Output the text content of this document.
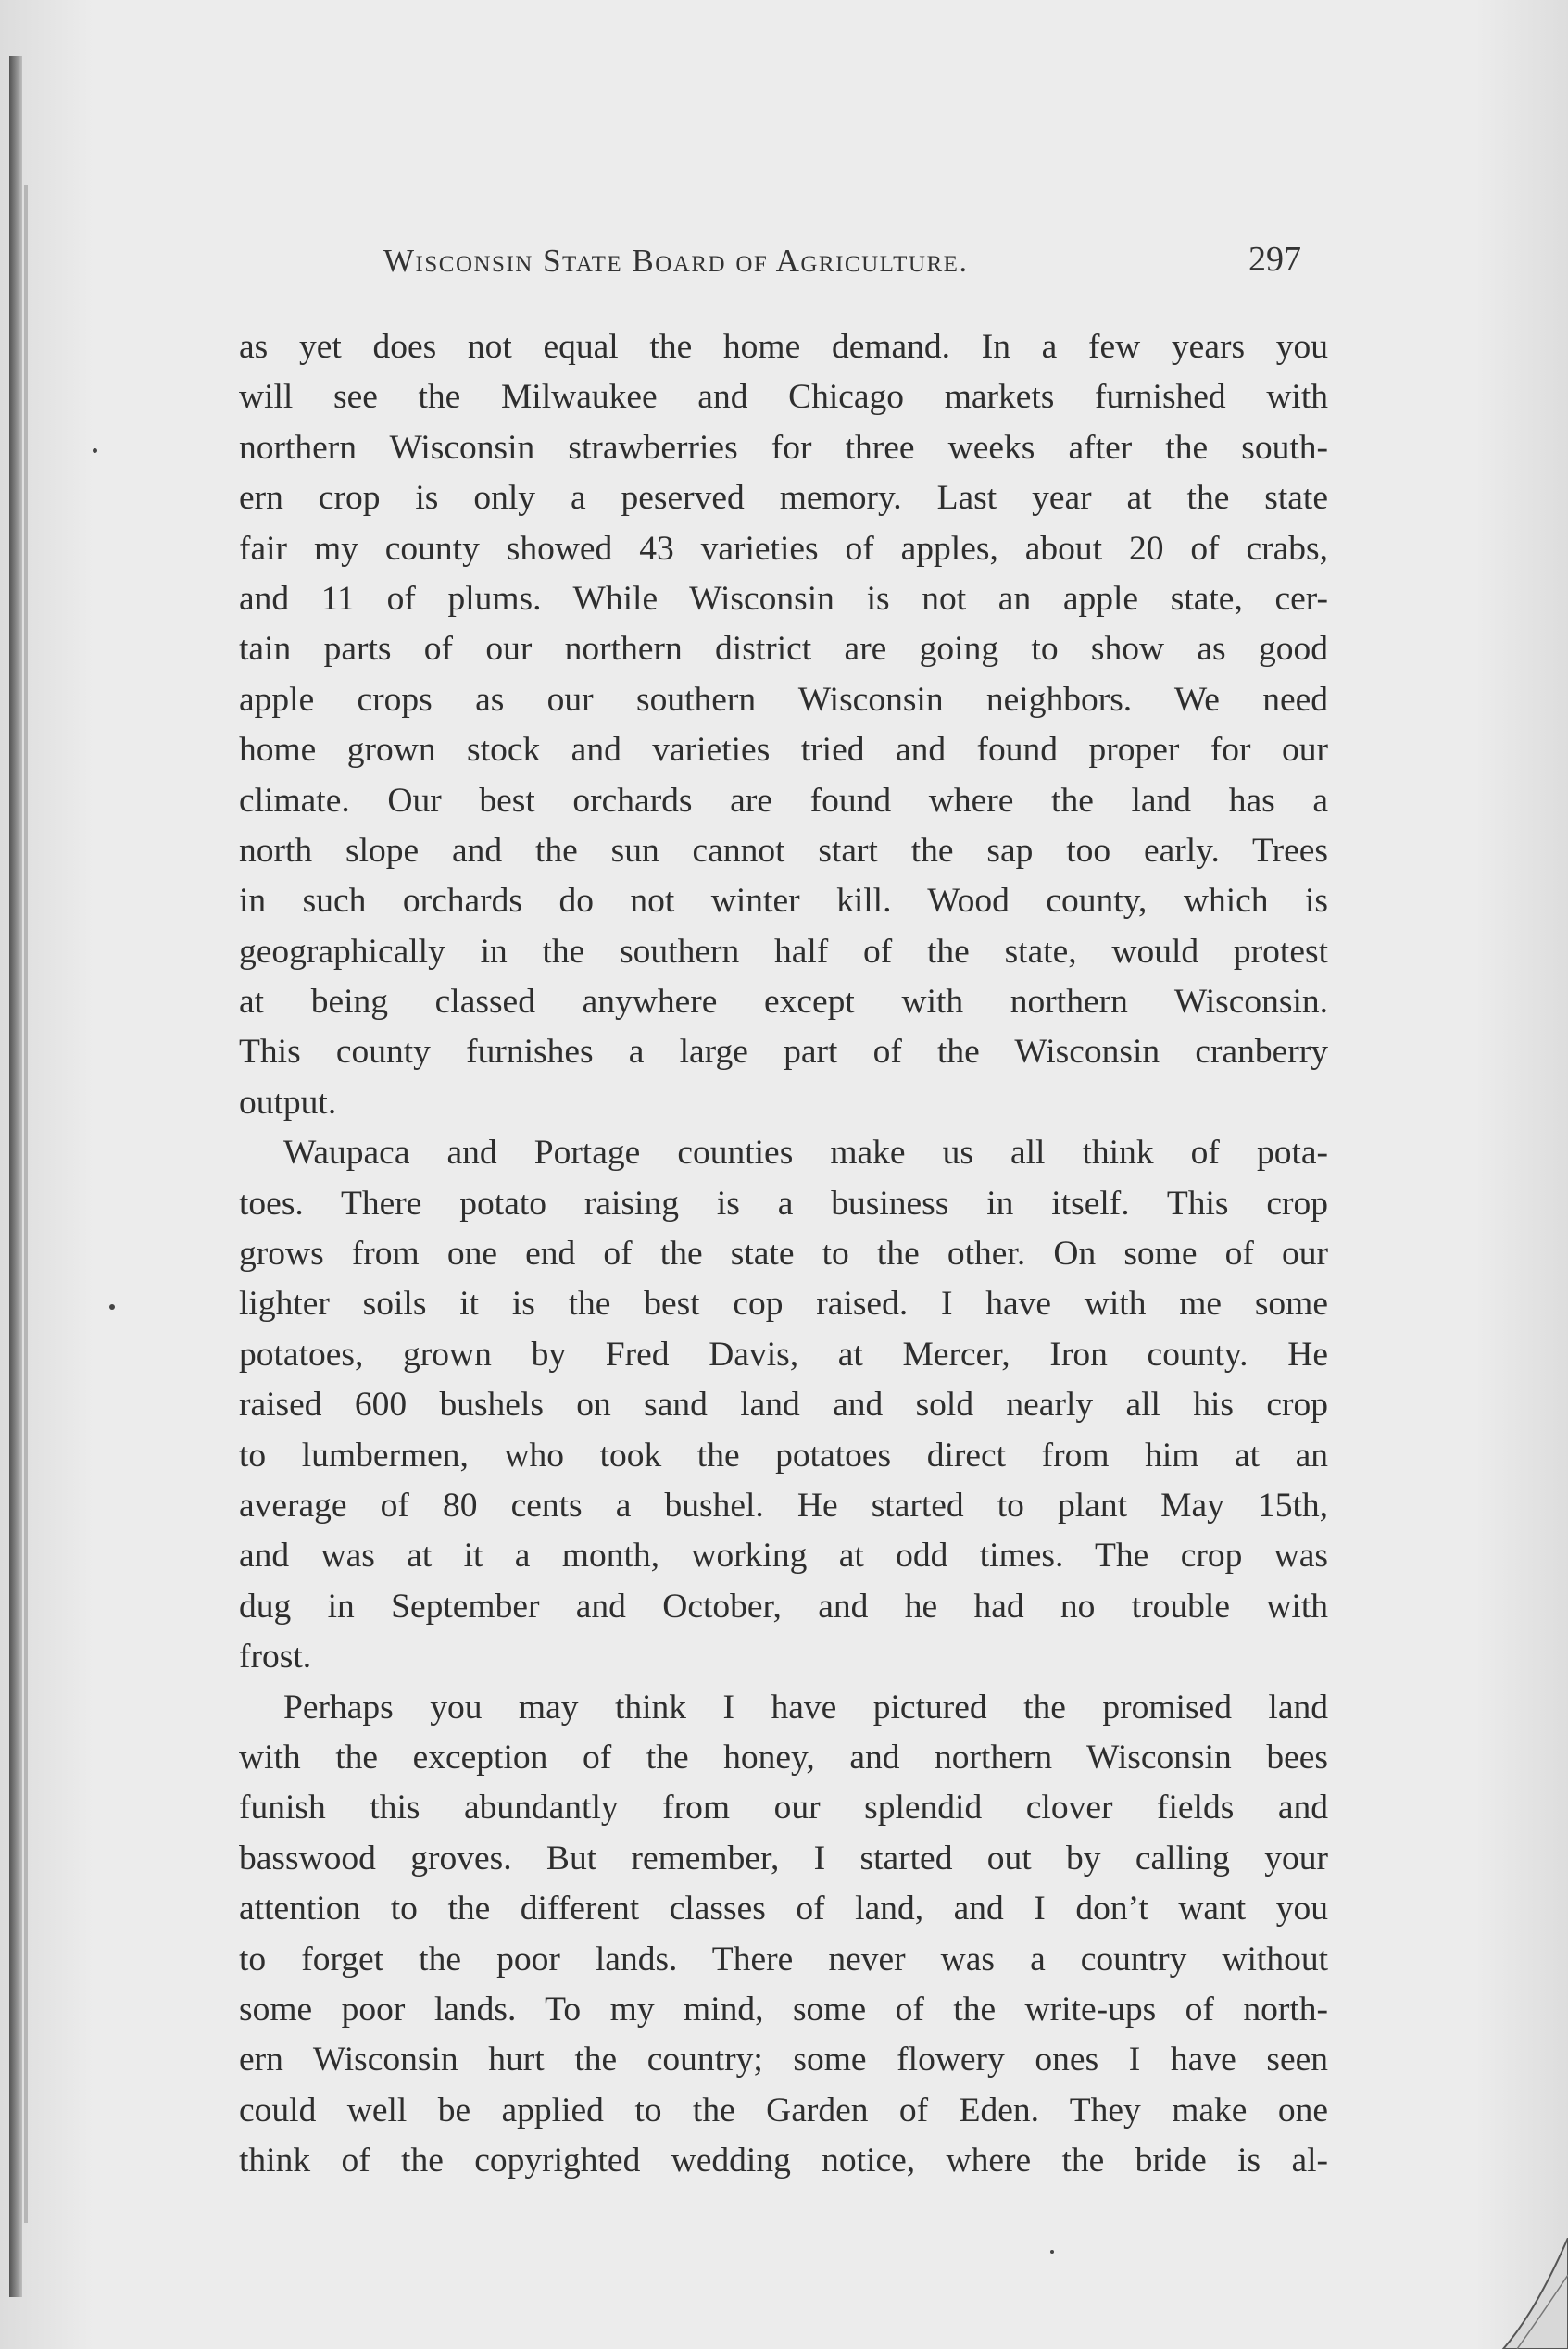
Wisconsin State Board of Agriculture.	297
as yet does not equal the home demand. In a few years you
will see the Milwaukee and Chicago markets furnished with
northern Wisconsin strawberries for three weeks after the south-
ern crop is only a peserved memory. Last year at the state
fair my county showed 43 varieties of apples, about 20 of crabs,
and 11 of plums. While Wisconsin is not an apple state, cer-
tain parts of our northern district are going to show as good
apple crops as our southern Wisconsin neighbors. We need
home grown stock and varieties tried and found proper for our
climate. Our best orchards are found where the land has a
north slope and the sun cannot start the sap too early. Trees
in such orchards do not winter kill. Wood county, which is
geographically in the southern half of the state, would protest
at being classed anywhere except with northern Wisconsin.
This county furnishes a large part of the Wisconsin cranberry
output.
Waupaca and Portage counties make us all think of pota-
toes. There potato raising is a business in itself. This crop
grows from one end of the state to the other. On some of our
lighter soils it is the best cop raised. I have with me some
potatoes, grown by Fred Davis, at Mercer, Iron county. He
raised 600 bushels on sand land and sold nearly all his crop
to lumbermen, who took the potatoes direct from him at an
average of 80 cents a bushel. He started to plant May 15th,
and was at it a month, working at odd times. The crop was
dug in September and October, and he had no trouble with
frost.
Perhaps you may think I have pictured the promised land
with the exception of the honey, and northern Wisconsin bees
funish this abundantly from our splendid clover fields and
basswood groves. But remember, I started out by calling your
attention to the different classes of land, and I don’t want you
to forget the poor lands. There never was a country without
some poor lands. To my mind, some of the write-ups of north-
ern Wisconsin hurt the country; some flowery ones I have seen
could well be applied to the Garden of Eden. They make one
think of the copyrighted wedding notice, where the bride is al-
